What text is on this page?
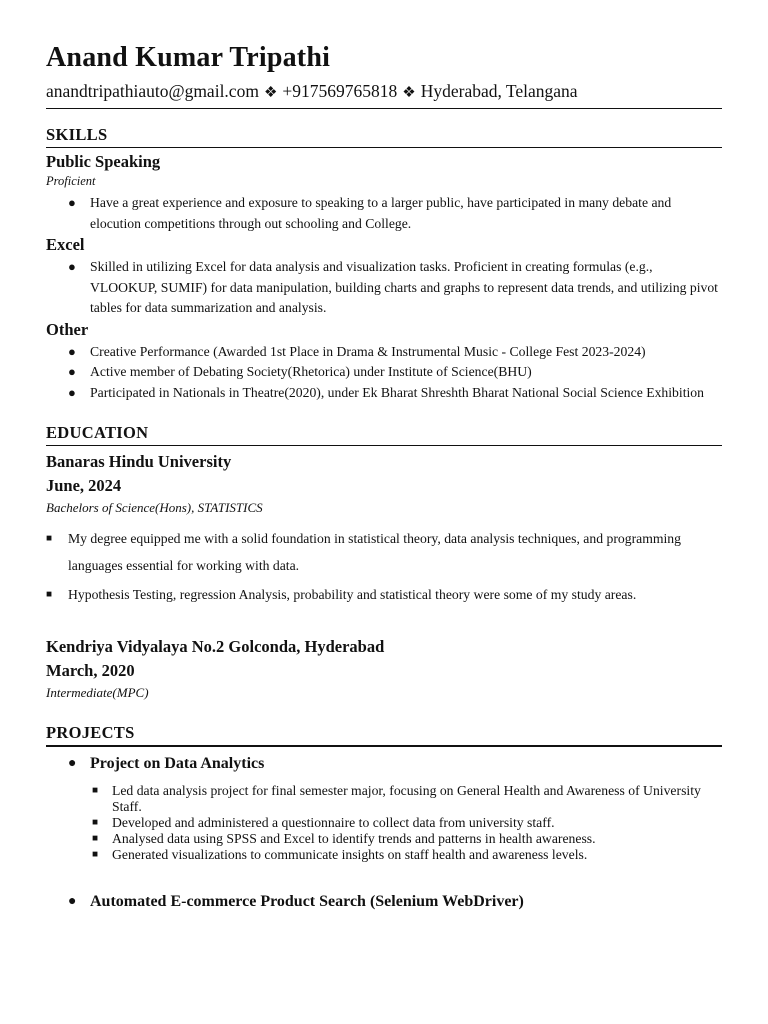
Anand Kumar Tripathi
anandtripathiauto@gmail.com ❖ +917569765818 ❖ Hyderabad, Telangana
SKILLS
Public Speaking
Proficient
● Have a great experience and exposure to speaking to a larger public, have participated in many debate and elocution competitions through out schooling and College.
Excel
● Skilled in utilizing Excel for data analysis and visualization tasks. Proficient in creating formulas (e.g., VLOOKUP, SUMIF) for data manipulation, building charts and graphs to represent data trends, and utilizing pivot tables for data summarization and analysis.
Other
● Creative Performance (Awarded 1st Place in Drama & Instrumental Music - College Fest 2023-2024)
● Active member of Debating Society(Rhetorica) under Institute of Science(BHU)
● Participated in Nationals in Theatre(2020), under Ek Bharat Shreshth Bharat National Social Science Exhibition
EDUCATION
Banaras Hindu University
June, 2024
Bachelors of Science(Hons), STATISTICS
■ My degree equipped me with a solid foundation in statistical theory, data analysis techniques, and programming languages essential for working with data.
■ Hypothesis Testing, regression Analysis, probability and statistical theory were some of my study areas.
Kendriya Vidyalaya No.2 Golconda, Hyderabad
March, 2020
Intermediate(MPC)
PROJECTS
● Project on Data Analytics
■ Led data analysis project for final semester major, focusing on General Health and Awareness of University Staff.
■ Developed and administered a questionnaire to collect data from university staff.
■ Analysed data using SPSS and Excel to identify trends and patterns in health awareness.
■ Generated visualizations to communicate insights on staff health and awareness levels.
● Automated E-commerce Product Search (Selenium WebDriver)
